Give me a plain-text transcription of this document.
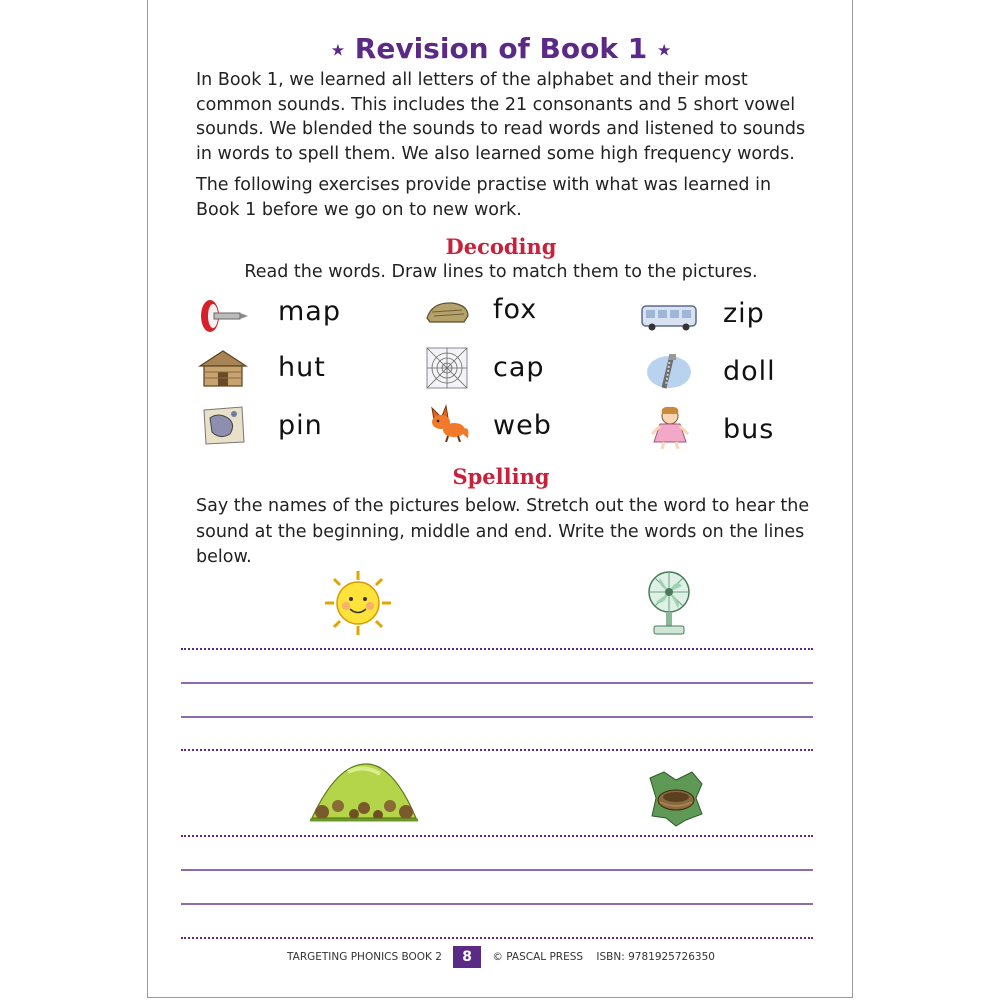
★ Revision of Book 1 ★
In Book 1, we learned all letters of the alphabet and their most common sounds. This includes the 21 consonants and 5 short vowel sounds. We blended the sounds to read words and listened to sounds in words to spell them. We also learned some high frequency words.
The following exercises provide practise with what was learned in Book 1 before we go on to new work.
Decoding
Read the words. Draw lines to match them to the pictures.
map	fox	zip
hut	cap	doll
pin	web	bus
Spelling
Say the names of the pictures below. Stretch out the word to hear the sound at the beginning, middle and end. Write the words on the lines below.
TARGETING PHONICS BOOK 2 8 © PASCAL PRESS ISBN: 9781925726350
